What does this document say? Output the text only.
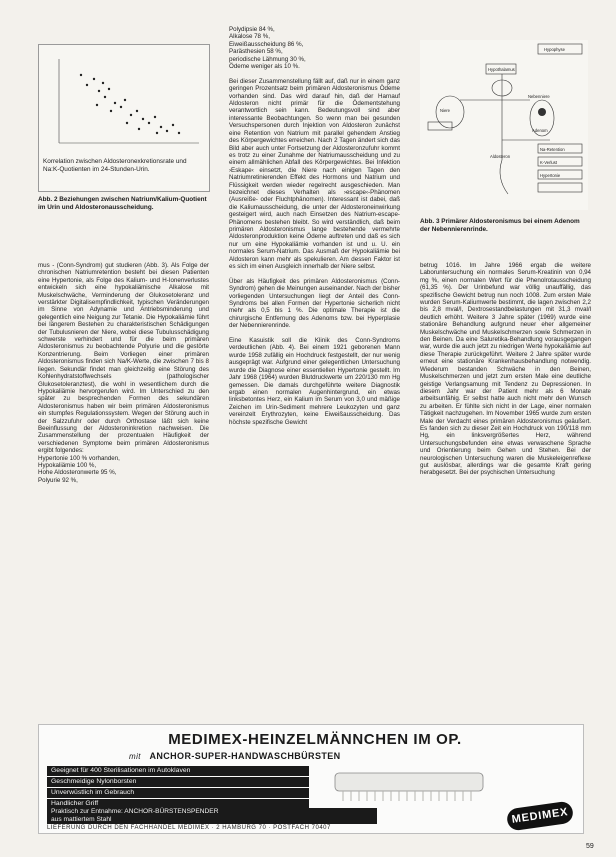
Korrelation zwischen Aldosteronexkretionsrate und Na:K-Quotienten im 24-Stunden-Urin.
Abb. 2 Beziehungen zwischen Natrium/Kalium-Quotient im Urin und Aldosteronausscheidung.
Hypophyse
Hypothalamus
Niere
Nebenniere
Aldosteron
Adenom
Na-Retention
K-Verlust
Hypertonie
Abb. 3 Primärer Aldosteronismus bei einem Adenom der Nebennierenrinde.
mus - (Conn-Syndrom) gut studieren (Abb. 3). Als Folge der chronischen Natriumretention besteht bei diesen Patienten eine Hypertonie, als Folge des Kalium- und H-Ionenverlustes entwickeln sich eine hypokaliämische Alkalose mit Muskelschwäche, Verminderung der Glukosetoleranz und verstärkter Digitalisempfindlichkeit, typischen Veränderungen im Sinne von Adynamie und Antriebsminderung und gelegentlich eine Neigung zur Tetanie. Die Hypokaliämie führt bei längerem Bestehen zu charakteristischen Schädigungen der Tubulusnieren der Niere, wobei diese Tubulusschädigung schwerste verhindert und für die beim primären Aldosteronismus zu beobachtende Polyurie und die gestörte Konzentrierung. Beim Vorliegen einer primären Aldosteronismus finden sich Na/K-Werte, die zwischen 7 bis 8 liegen. Sekundär findet man gleichzeitig eine Störung des Kohlenhydratstoffwechsels (pathologischer Glukosetoleranztest), die wohl in wesentlichem durch die Hypokaliämie hervorgerufen wird. Im Unterschied zu den später zu besprechenden Formen des sekundären Aldosteronismus haben wir beim primären Aldosteronismus ein stumpfes Regulationssystem. Wegen der Störung auch in der Salzzufuhr oder durch Orthostase läßt sich keine Beeinflussung der Aldosteroninkretion nachweisen. Die Zusammenstellung der prozentualen Häufigkeit der verschiedenen Symptome beim primären Aldosteronismus ergibt folgendes:
Hypertonie 100 % vorhanden,
Hypokaliämie 100 %,
Hohe Aldosteronwerte 95 %,
Polyurie 92 %,
Polydipsie 84 %,
Alkalose 78 %,
Eiweißausscheidung 86 %,
Parästhesien 58 %,
periodische Lähmung 30 %,
Ödeme weniger als 10 %.

Bei dieser Zusammenstellung fällt auf, daß nur in einem ganz geringen Prozentsatz beim primären Aldosteronismus Ödeme vorhanden sind. Das wird darauf hin, daß der Harnauf Aldosteron nicht primär für die Ödementstehung verantwortlich sein kann. Bedeutungsvoll sind aber interessante Beobachtungen. So wenn man bei gesunden Versuchspersonen durch Injektion von Aldosteron zunächst eine Retention von Natrium mit parallel gehendem Anstieg des Körpergewichtes erreichen. Nach 2 Tagen ändert sich das Bild aber auch unter Fortsetzung der Aldosteronzufuhr kommt es trotz zu einer Zunahme der Natriumausscheidung und zu einem allmählichen Abfall des Körpergewichtes. Bei Infektion ›Eskape‹ einsetzt, die Niere nach einigen Tagen den Natriumretinierenden Effekt des Hormons und Natrium und Flüssigkeit werden wieder regelrecht ausgeschieden. Man bezeichnet dieses Verhalten als ›escape‹-Phänomen (Ausreiße- oder Fluchtphänomen). Interessant ist dabei, daß die Kaliumausscheidung, die unter der Aldosteroneinwirkung gesteigert wird, auch nach Einsetzen des Natrium-escape-Phänomens bestehen bleibt. So wird verständlich, daß beim primären Aldosteronismus lange bestehende vermehrte Aldosteronproduktion keine Ödeme auftreten und daß es sich nur um eine Hypokaliämie vorhanden ist und u. U. ein normales Serum-Natrium. Das Ausmaß der Hypokaliämie bei Aldosteron kann mehr als spekulieren. Am dessen Faktor ist es sich im einen Ausgleich innerhalb der Niere selbst.

Über als Häufigkeit des primären Aldosteronismus (Conn-Syndrom) gehen die Meinungen auseinander. Nach der bisher vorliegenden Untersuchungen liegt der Anteil des Conn-Syndroms bei allen Formen der Hypertonie sicherlich nicht mehr als 0,5 bis 1 %. Die optimale Therapie ist die chirurgische Entfernung des Adenoms bzw. bei Hyperplasie der Nebennierenrinde.

Eine Kasuistik soll die Klinik des Conn-Syndroms verdeutlichen (Abb. 4). Bei einem 1921 geborenen Mann wurde 1958 zufällig ein Hochdruck festgestellt, der nur wenig ausgeprägt war. Aufgrund einer gelegentlichen Untersuchung wurde die Diagnose einer essentiellen Hypertonie gestellt. Im Jahr 1968 (1964) wurden Blutdruckwerte um 220/130 mm Hg gemessen. Die damals durchgeführte weitere Diagnostik ergab einen normalen Augenhintergrund, ein etwas linksbetontes Herz, ein Kalium im Serum von 3,0 und mäßige Zeichen im Urin-Sediment mehrere Leukozyten und ganz vereinzelt Erythrozyten, keine Eiweißausscheidung. Das höchste spezifische Gewicht
betrug 1016. Im Jahre 1966 ergab die weitere Laboruntersuchung ein normales Serum-Kreatinin von 0,94 mg %, einen normalen Wert für die Phenolrotausscheidung (61,35 %). Der Urinbefund war völlig unauffällig, das spezifische Gewicht betrug nun noch 1008. Zum ersten Male wurden Serum-Kaliumwerte bestimmt, die lagen zwischen 2,2 bis 2,8 mval/l, Dextrosestandbelastungen mit 31,3 mval/l deutlich erhöht. Weitere 3 Jahre später (1969) wurde eine stationäre Behandlung aufgrund neuer eher allgemeiner Muskelschwäche und Muskelschmerzen sowie Schmerzen in den Beinen. Da eine Saluretika-Behandlung vorausgegangen war, wurde die auch jetzt zu niedrigen Werte hypokaliämie auf diese Therapie zurückgeführt. Weitere 2 Jahre später wurde erneut eine stationäre Krankenhausbehandlung notwendig. Wiederum bestanden Schwäche in den Beinen, Muskelschmerzen und jetzt zum ersten Male eine deutliche geistige Verlangsamung mit Tendenz zu Depressionen. In diesem Jahr war der Patient mehr als 6 Monate arbeitsunfähig. Er selbst hatte auch nicht mehr den Wunsch zu arbeiten. Er fühlte sich nicht in der Lage, einer normalen Tätigkeit nachzugehen. Im November 1965 wurde zum ersten Male der Verdacht eines primären Aldosteronismus geäußert. Es fanden sich zu dieser Zeit ein Hochdruck von 190/118 mm Hg, ein linksvergrößertes Herz, während Untersuchungsbefunden eine etwas verwaschene Sprache und Orientierung beim Gehen und Stehen. Bei der neurologischen Untersuchung waren die Muskeleigenreflexe gut auslösbar, allerdings war die gesamte Kraft gering herabgesetzt. Bei der psychischen Untersuchung
MEDIMEX-HEINZELMÄNNCHEN IM OP.
mit ANCHOR-SUPER-HANDWASCHBÜRSTEN
Geeignet für 400 Sterilisationen im Autoklaven
Geschmeidige Nylonborsten
Unverwüstlich im Gebrauch
Handlicher Griff
Praktisch zur Entnahme: ANCHOR-BÜRSTENSPENDER
aus mattiertem Stahl
LIEFERUNG DURCH DEN FACHHANDEL MEDIMEX · 2 HAMBURG 70 · POSTFACH 70407
MEDIMEX
59
